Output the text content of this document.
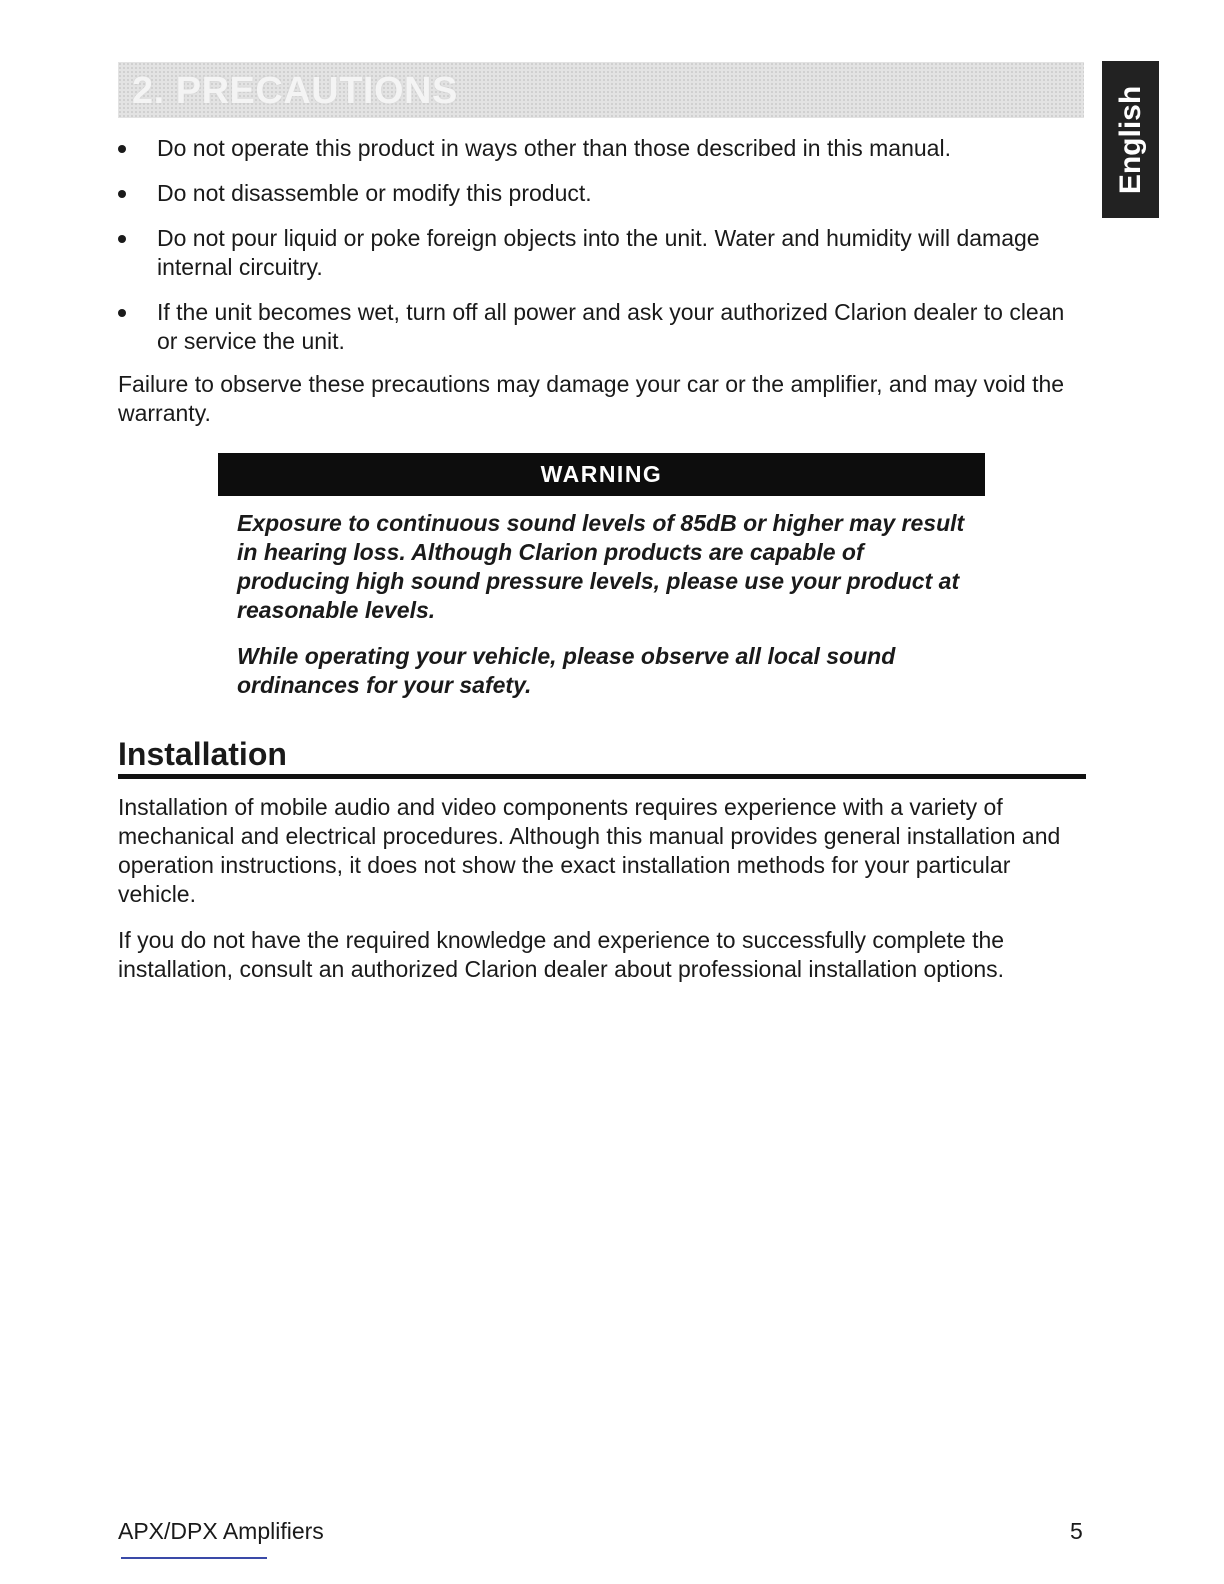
2. PRECAUTIONS	English
Do not operate this product in ways other than those described in this manual.
Do not disassemble or modify this product.
Do not pour liquid or poke foreign objects into the unit. Water and humidity will damage internal circuitry.
If the unit becomes wet, turn off all power and ask your authorized Clarion dealer to clean or service the unit.

Failure to observe these precautions may damage your car or the amplifier, and may void the warranty.

WARNING

Exposure to continuous sound levels of 85dB or higher may result in hearing loss. Although Clarion products are capable of producing high sound pressure levels, please use your product at reasonable levels.

While operating your vehicle, please observe all local sound ordinances for your safety.

Installation

Installation of mobile audio and video components requires experience with a variety of mechanical and electrical procedures. Although this manual provides general installation and operation instructions, it does not show the exact installation methods for your particular vehicle.

If you do not have the required knowledge and experience to successfully complete the installation, consult an authorized Clarion dealer about professional installation options.

APX/DPX Amplifiers	5
